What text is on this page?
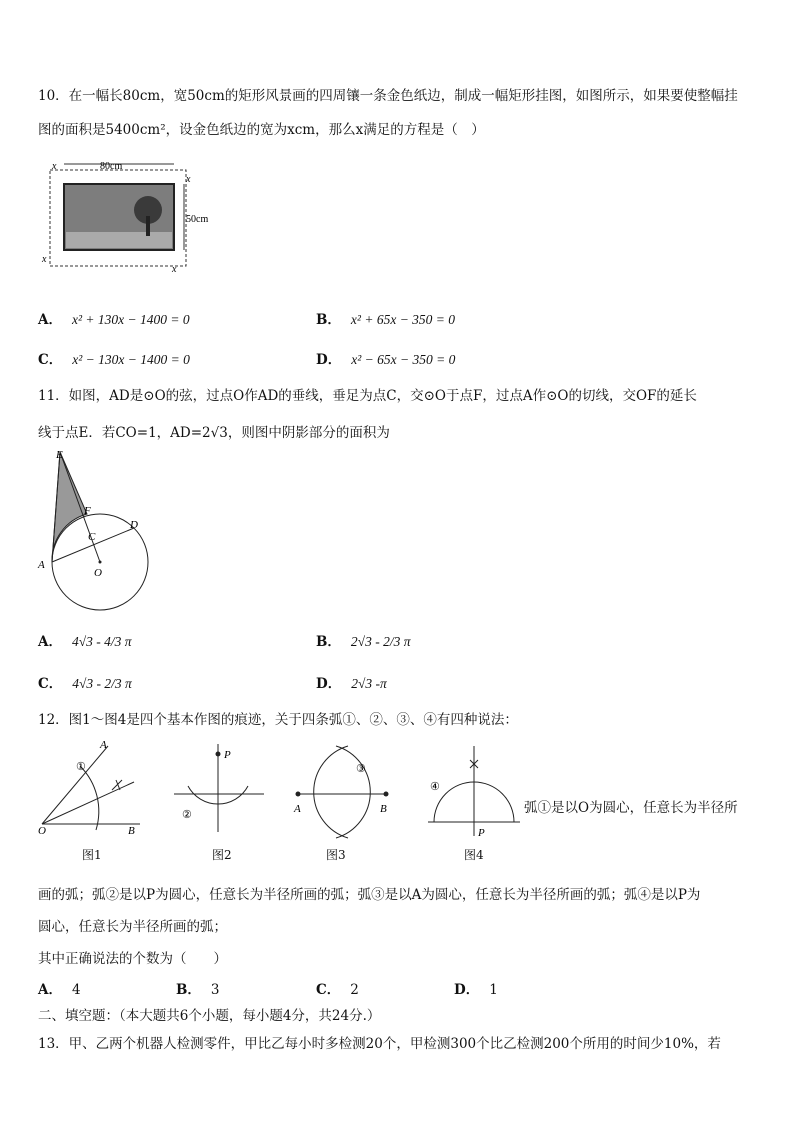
10．在一幅长80cm，宽50cm的矩形风景画的四周镶一条金色纸边，制成一幅矩形挂图，如图所示，如果要使整幅挂
图的面积是5400cm²，设金色纸边的宽为xcm，那么x满足的方程是（　）
80cm
x
x
50cm
x
x
A． x² + 130x − 1400 = 0	B． x² + 65x − 350 = 0
C． x² − 130x − 1400 = 0	D． x² − 65x − 350 = 0
11．如图，AD是⊙O的弦，过点O作AD的垂线，垂足为点C，交⊙O于点F，过点A作⊙O的切线，交OF的延长
线于点E．若CO=1，AD=2√3，则图中阴影部分的面积为
E
F
D
C
A
O
A． 4√3 - 4/3 π	B． 2√3 - 2/3 π
C． 4√3 - 2/3 π	D． 2√3 -π
12．图1～图4是四个基本作图的痕迹，关于四条弧①、②、③、④有四种说法：
A
①
O	B
图1
P
②
图2
③
A	B
图3
④
P
图4
弧①是以O为圆心，任意长为半径所
画的弧；弧②是以P为圆心，任意长为半径所画的弧；弧③是以A为圆心，任意长为半径所画的弧；弧④是以P为
圆心，任意长为半径所画的弧；
其中正确说法的个数为（　　）
A． 4	B． 3	C． 2	D． 1
二、填空题：（本大题共6个小题，每小题4分，共24分.）
13．甲、乙两个机器人检测零件，甲比乙每小时多检测20个，甲检测300个比乙检测200个所用的时间少10%，若
